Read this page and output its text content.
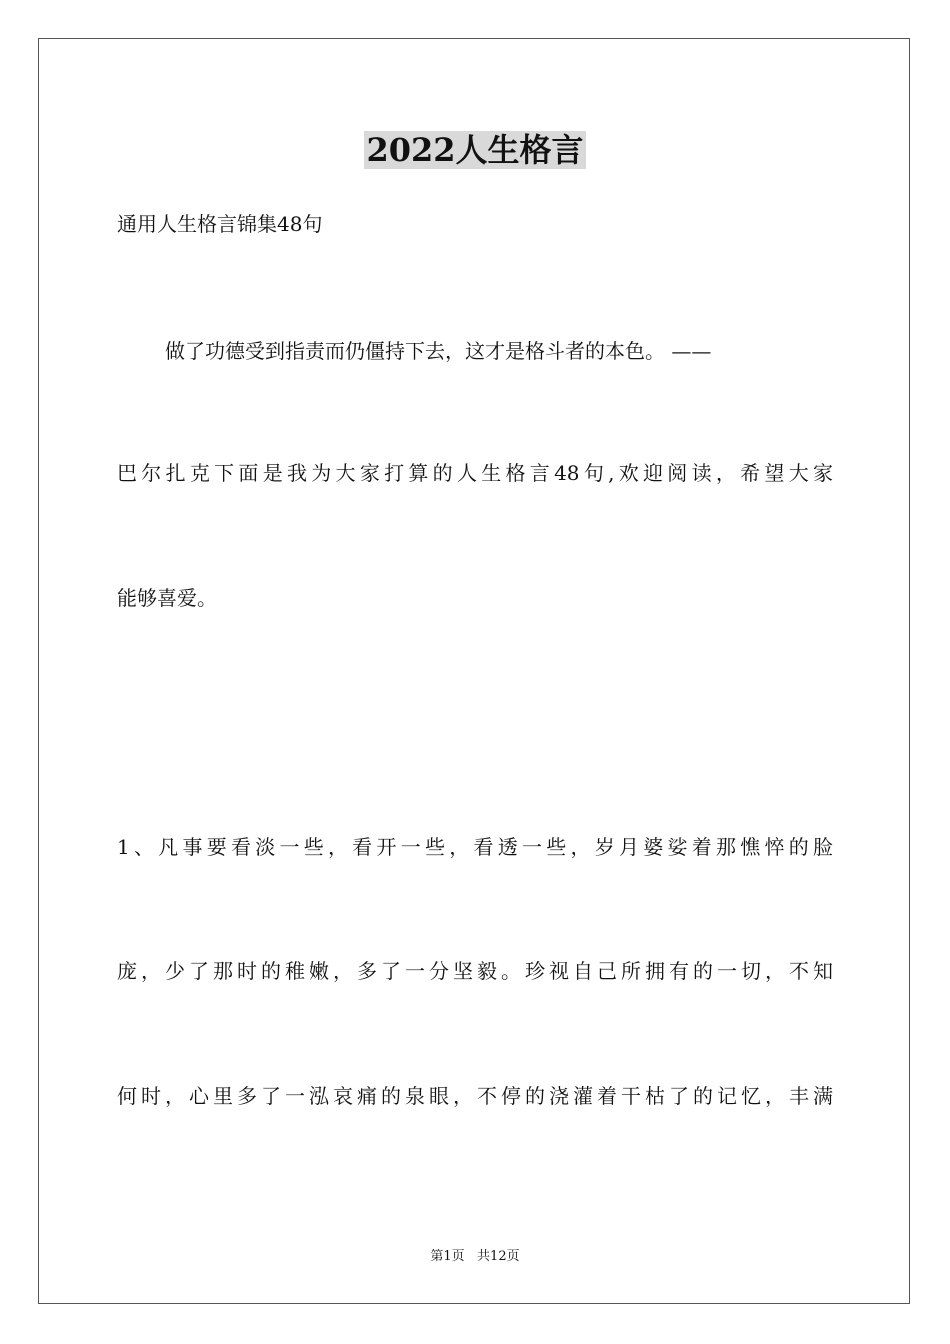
2022人生格言
通用人生格言锦集48句
做了功德受到指责而仍僵持下去，这才是格斗者的本色。 ——
巴尔扎克下面是我为大家打算的人生格言48句,欢迎阅读，希望大家
能够喜爱。
1、凡事要看淡一些，看开一些，看透一些，岁月婆娑着那憔悴的脸
庞，少了那时的稚嫩，多了一分坚毅。珍视自己所拥有的一切，不知
何时，心里多了一泓哀痛的泉眼，不停的浇灌着干枯了的记忆，丰满
第1页   共12页
